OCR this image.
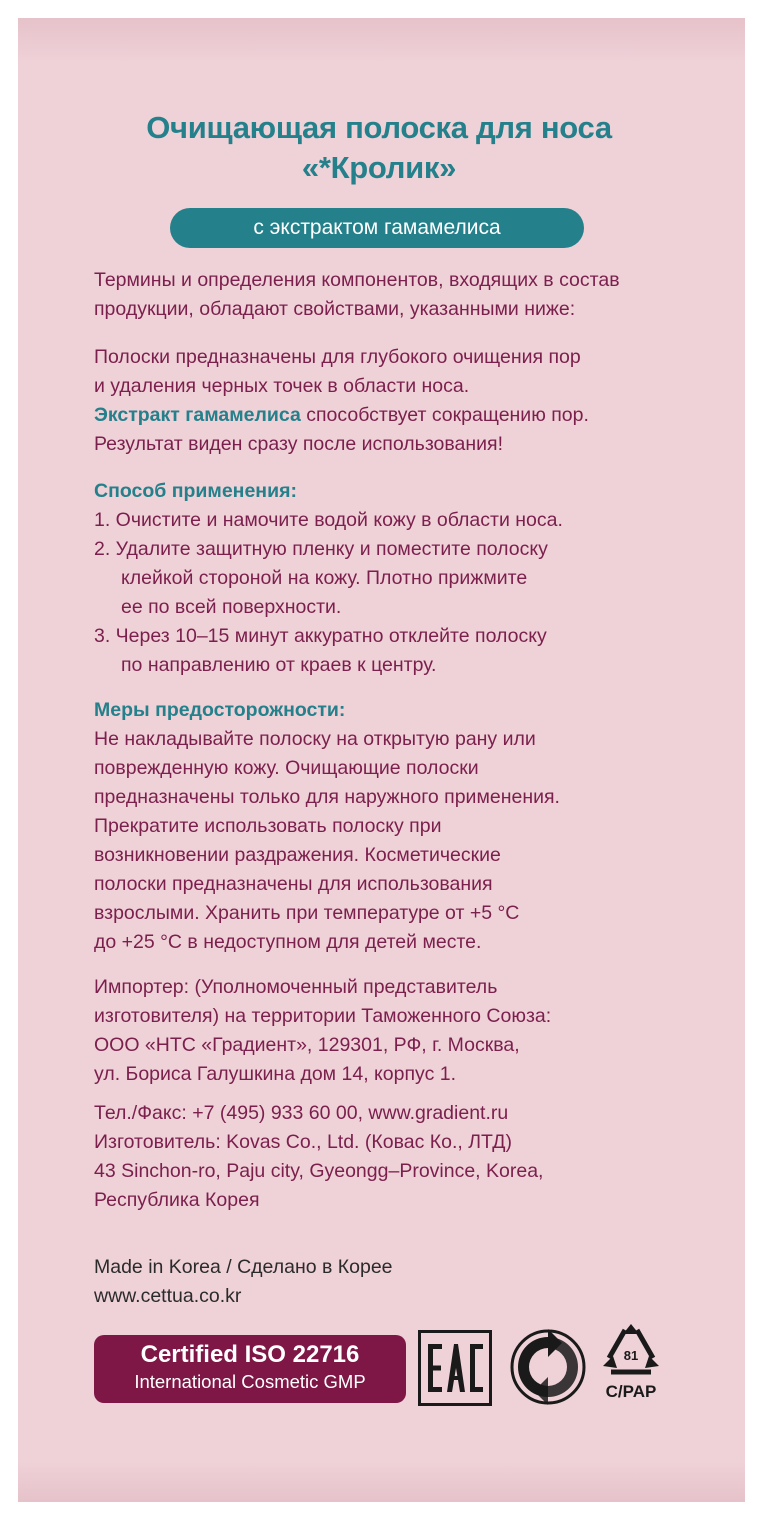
Очищающая полоска для носа
«*Кролик»
с экстрактом гамамелиса
Термины и определения компонентов, входящих в состав
продукции, обладают свойствами, указанными ниже:
Полоски предназначены для глубокого очищения пор
и удаления черных точек в области носа.
Экстракт гамамелиса способствует сокращению пор.
Результат виден сразу после использования!
Способ применения:
1. Очистите и намочите водой кожу в области носа.
2. Удалите защитную пленку и поместите полоску
клейкой стороной на кожу. Плотно прижмите
ее по всей поверхности.
3. Через 10–15 минут аккуратно отклейте полоску
по направлению от краев к центру.
Меры предосторожности:
Не накладывайте полоску на открытую рану или
поврежденную кожу. Очищающие полоски
предназначены только для наружного применения.
Прекратите использовать полоску при
возникновении раздражения. Косметические
полоски предназначены для использования
взрослыми. Хранить при температуре от +5 °С
до +25 °С в недоступном для детей месте.
Импортер: (Уполномоченный представитель
изготовителя) на территории Таможенного Союза:
ООО «НТС «Градиент», 129301, РФ, г. Москва,
ул. Бориса Галушкина дом 14, корпус 1.
Тел./Факс: +7 (495) 933 60 00, www.gradient.ru
Изготовитель: Kovas Co., Ltd. (Ковас Ко., ЛТД)
43 Sinchon-ro, Paju city, Gyeongg–Province, Korea,
Республика Корея
Made in Korea / Сделано в Корее
www.cettua.co.kr
Certified ISO 22716
International Cosmetic GMP
81
C/PAP
